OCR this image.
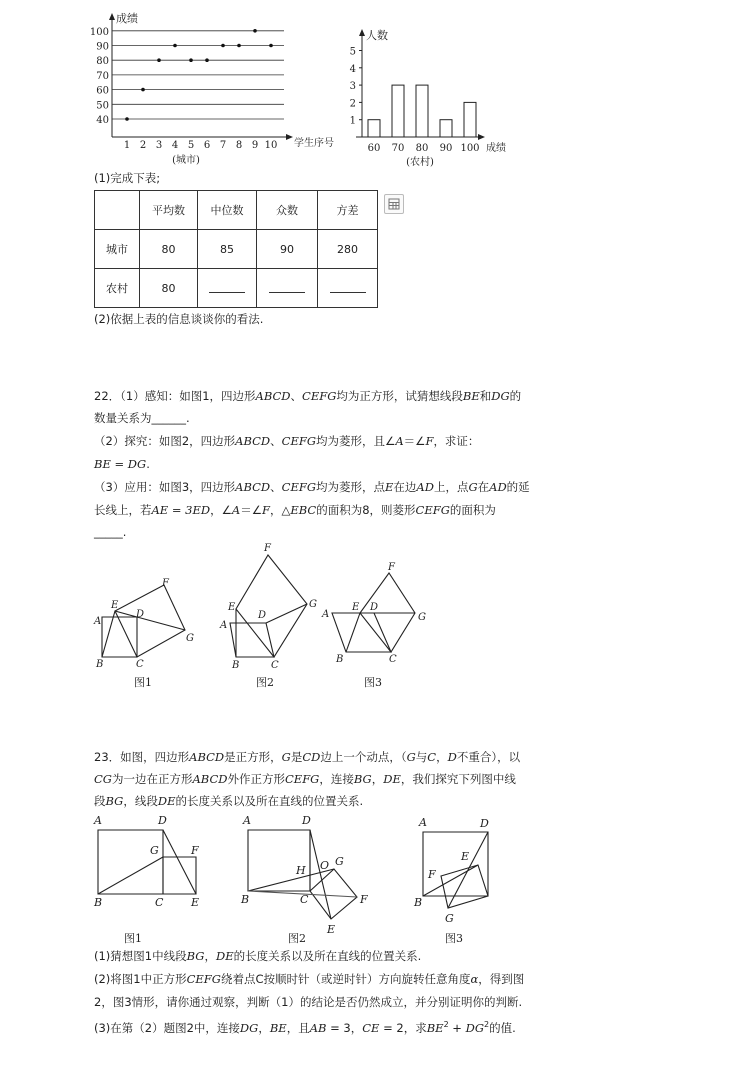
成绩
学生序号
40
50
60
70
80
90
100
1 2 3 4 5 6 7 8 9 10
(城市)
人数
成绩
1
2
3
4
5
60 70 80 90 100
(农村)
(1)完成下表;
	平均数	中位数	众数	方差
城市	80	85	90	280
农村	80			
(2)依据上表的信息谈谈你的看法.
22．（1）感知：如图1，四边形ABCD、CEFG均为正方形，试猜想线段BE和DG的
数量关系为______.
（2）探究：如图2，四边形ABCD、CEFG均为菱形，且∠A＝∠F，求证：
BE = DG.
（3）应用：如图3，四边形ABCD、CEFG均为菱形，点E在边AD上，点G在AD的延
长线上，若AE = 3ED，∠A＝∠F，△EBC的面积为8，则菱形CEFG的面积为
_____.
A
E
D
F
G
B	C
图1
A
E
D
F
G
B	C
图2
A
E D
F
G
B	C
图3
23．如图，四边形ABCD是正方形，G是CD边上一个动点，（G与C，D不重合），以
CG为一边在正方形ABCD外作正方形CEFG，连接BG，DE，我们探究下列图中线
段BG，线段DE的长度关系以及所在直线的位置关系.
A	D
G	F
B	C	E
图1
A	D
H O G
F
B	C
E
图2
A	D
E
F
B
G
图3
(1)猜想图1中线段BG，DE的长度关系以及所在直线的位置关系.
(2)将图1中正方形CEFG绕着点C按顺时针（或逆时针）方向旋转任意角度α，得到图
2，图3情形，请你通过观察，判断（1）的结论是否仍然成立，并分别证明你的判断.
(3)在第（2）题图2中，连接DG，BE，且AB = 3，CE = 2，求$BE^2 + DG^2$的值.
